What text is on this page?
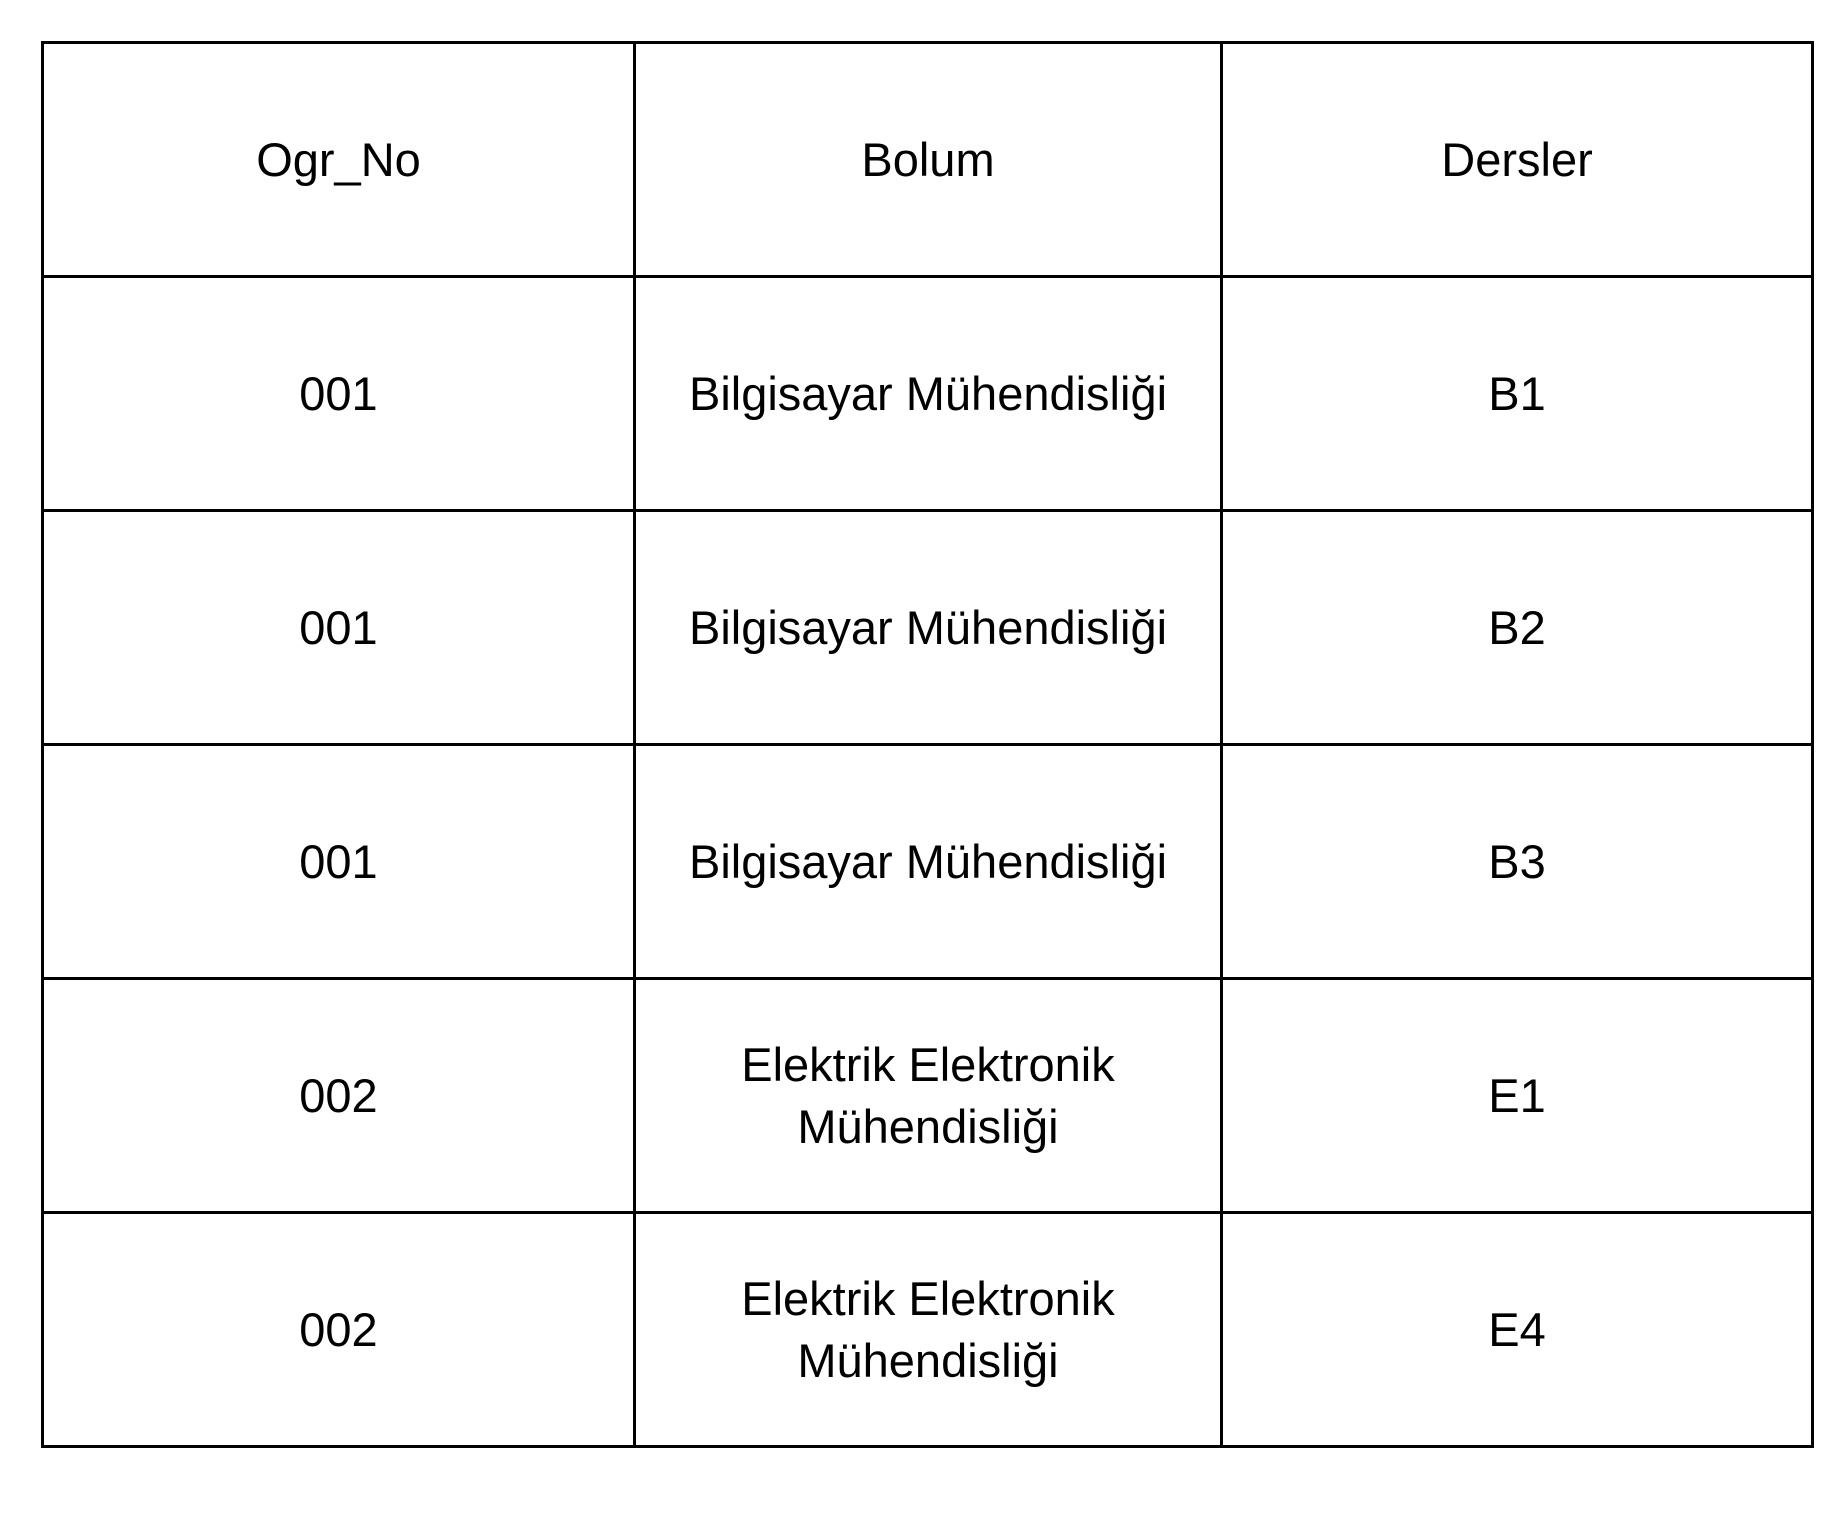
Ogr_No	Bolum	Dersler
001	Bilgisayar Mühendisliği	B1
001	Bilgisayar Mühendisliği	B2
001	Bilgisayar Mühendisliği	B3
002	Elektrik Elektronik Mühendisliği	E1
002	Elektrik Elektronik Mühendisliği	E4
